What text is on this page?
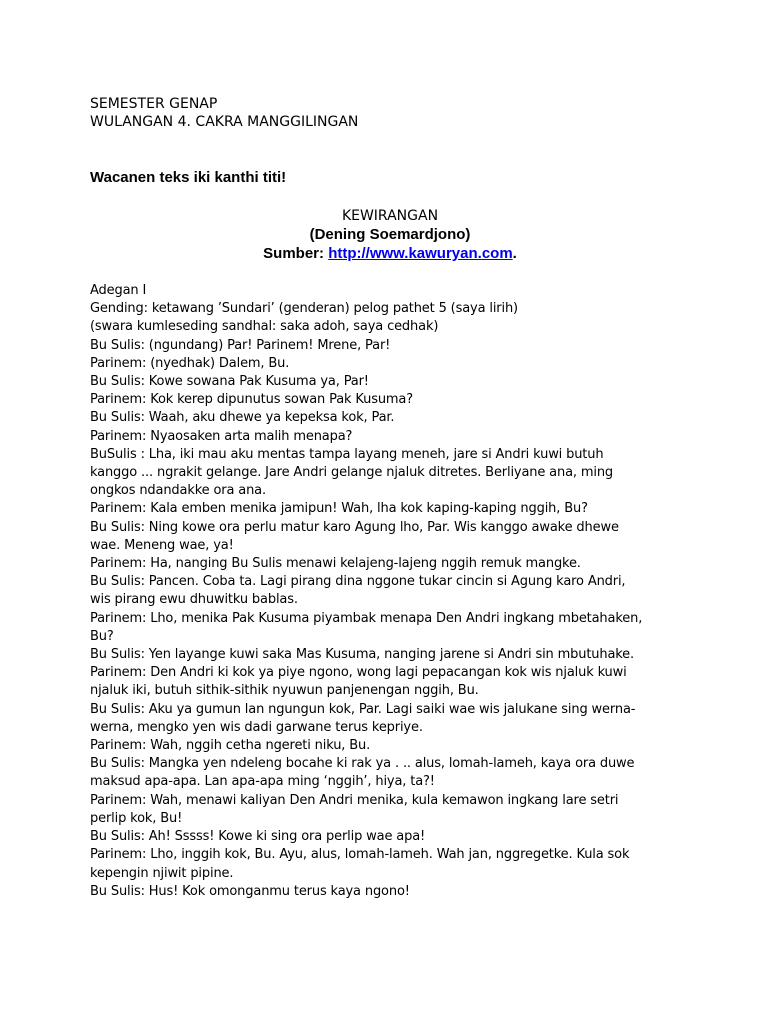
SEMESTER GENAP
WULANGAN 4. CAKRA MANGGILINGAN
Wacanen teks iki kanthi titi!
KEWIRANGAN
(Dening Soemardjono)
Sumber: http://www.kawuryan.com.
Adegan I
Gending: ketawang ’Sundari’ (genderan) pelog pathet 5 (saya lirih)
(swara kumleseding sandhal: saka adoh, saya cedhak)
Bu Sulis: (ngundang) Par! Parinem! Mrene, Par!
Parinem: (nyedhak) Dalem, Bu.
Bu Sulis: Kowe sowana Pak Kusuma ya, Par!
Parinem: Kok kerep dipunutus sowan Pak Kusuma?
Bu Sulis: Waah, aku dhewe ya kepeksa kok, Par.
Parinem: Nyaosaken arta malih menapa?
BuSulis : Lha, iki mau aku mentas tampa layang meneh, jare si Andri kuwi butuh
kanggo ... ngrakit gelange. Jare Andri gelange njaluk ditretes. Berliyane ana, ming
ongkos ndandakke ora ana.
Parinem: Kala emben menika jamipun! Wah, lha kok kaping-kaping nggih, Bu?
Bu Sulis: Ning kowe ora perlu matur karo Agung lho, Par. Wis kanggo awake dhewe
wae. Meneng wae, ya!
Parinem: Ha, nanging Bu Sulis menawi kelajeng-lajeng nggih remuk mangke.
Bu Sulis: Pancen. Coba ta. Lagi pirang dina nggone tukar cincin si Agung karo Andri,
wis pirang ewu dhuwitku bablas.
Parinem: Lho, menika Pak Kusuma piyambak menapa Den Andri ingkang mbetahaken,
Bu?
Bu Sulis: Yen layange kuwi saka Mas Kusuma, nanging jarene si Andri sin mbutuhake.
Parinem: Den Andri ki kok ya piye ngono, wong lagi pepacangan kok wis njaluk kuwi
njaluk iki, butuh sithik-sithik nyuwun panjenengan nggih, Bu.
Bu Sulis: Aku ya gumun lan ngungun kok, Par. Lagi saiki wae wis jalukane sing werna-
werna, mengko yen wis dadi garwane terus kepriye.
Parinem: Wah, nggih cetha ngereti niku, Bu.
Bu Sulis: Mangka yen ndeleng bocahe ki rak ya . .. alus, lomah-lameh, kaya ora duwe
maksud apa-apa. Lan apa-apa ming ‘nggih’, hiya, ta?!
Parinem: Wah, menawi kaliyan Den Andri menika, kula kemawon ingkang lare setri
perlip kok, Bu!
Bu Sulis: Ah! Sssss! Kowe ki sing ora perlip wae apa!
Parinem: Lho, inggih kok, Bu. Ayu, alus, lomah-lameh. Wah jan, nggregetke. Kula sok
kepengin njiwit pipine.
Bu Sulis: Hus! Kok omonganmu terus kaya ngono!
